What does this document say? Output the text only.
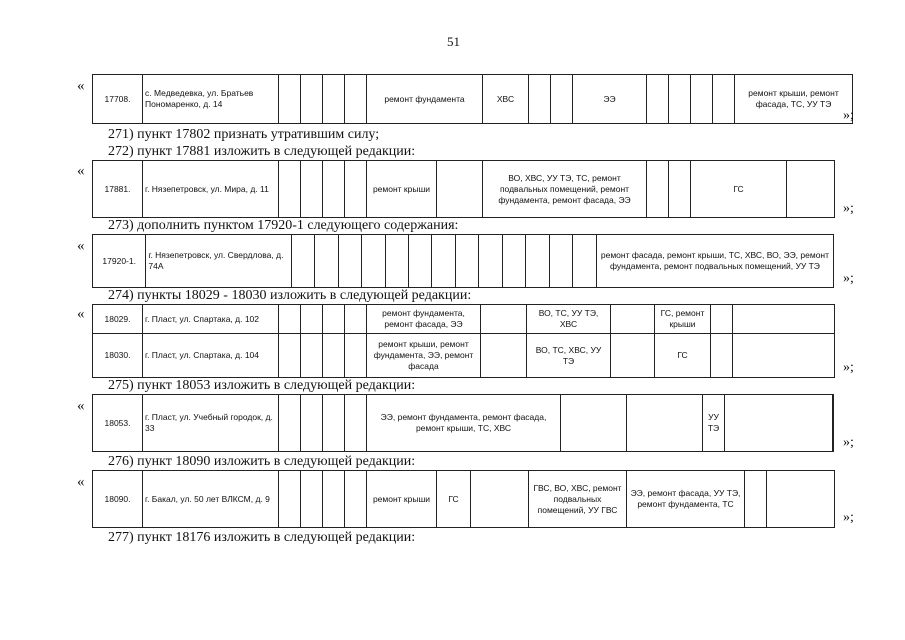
51
«
17708.	с. Медведевка, ул. Братьев Пономаренко, д. 14					ремонт фундамента	ХВС			ЭЭ					ремонт крыши, ремонт фасада, ТС, УУ ТЭ
»;
271) пункт 17802 признать утратившим силу;
272) пункт 17881 изложить в следующей редакции:
«
17881.	г. Нязепетровск, ул. Мира, д. 11					ремонт крыши		ВО, ХВС, УУ ТЭ, ТС, ремонт подвальных помещений, ремонт фундамента, ремонт фасада, ЭЭ			ГС	
»;
273) дополнить пунктом 17920-1 следующего содержания:
«
17920-1.	г. Нязепетровск, ул. Свердлова, д. 74А														ремонт фасада, ремонт крыши, ТС, ХВС, ВО, ЭЭ, ремонт фундамента, ремонт подвальных помещений, УУ ТЭ
»;
274) пункты 18029 - 18030 изложить в следующей редакции:
« 18029.	г. Пласт, ул. Спартака, д. 102					ремонт фундамента, ремонт фасада, ЭЭ		ВО, ТС, УУ ТЭ, ХВС		ГС, ремонт крыши		
18030.	г. Пласт, ул. Спартака, д. 104					ремонт крыши, ремонт фундамента, ЭЭ, ремонт фасада		ВО, ТС, ХВС, УУ ТЭ		ГС		
»;
275) пункт 18053 изложить в следующей редакции:
«
18053.	г. Пласт, ул. Учебный городок, д. 33					ЭЭ, ремонт фундамента, ремонт фасада, ремонт крыши, ТС, ХВС			УУ ТЭ		
»;
276) пункт 18090 изложить в следующей редакции:
«
18090.	г. Бакал, ул. 50 лет ВЛКСМ, д. 9					ремонт крыши	ГС		ГВС, ВО, ХВС, ремонт подвальных помещений, УУ ГВС	ЭЭ, ремонт фасада, УУ ТЭ, ремонт фундамента, ТС		
»;
277) пункт 18176 изложить в следующей редакции:
